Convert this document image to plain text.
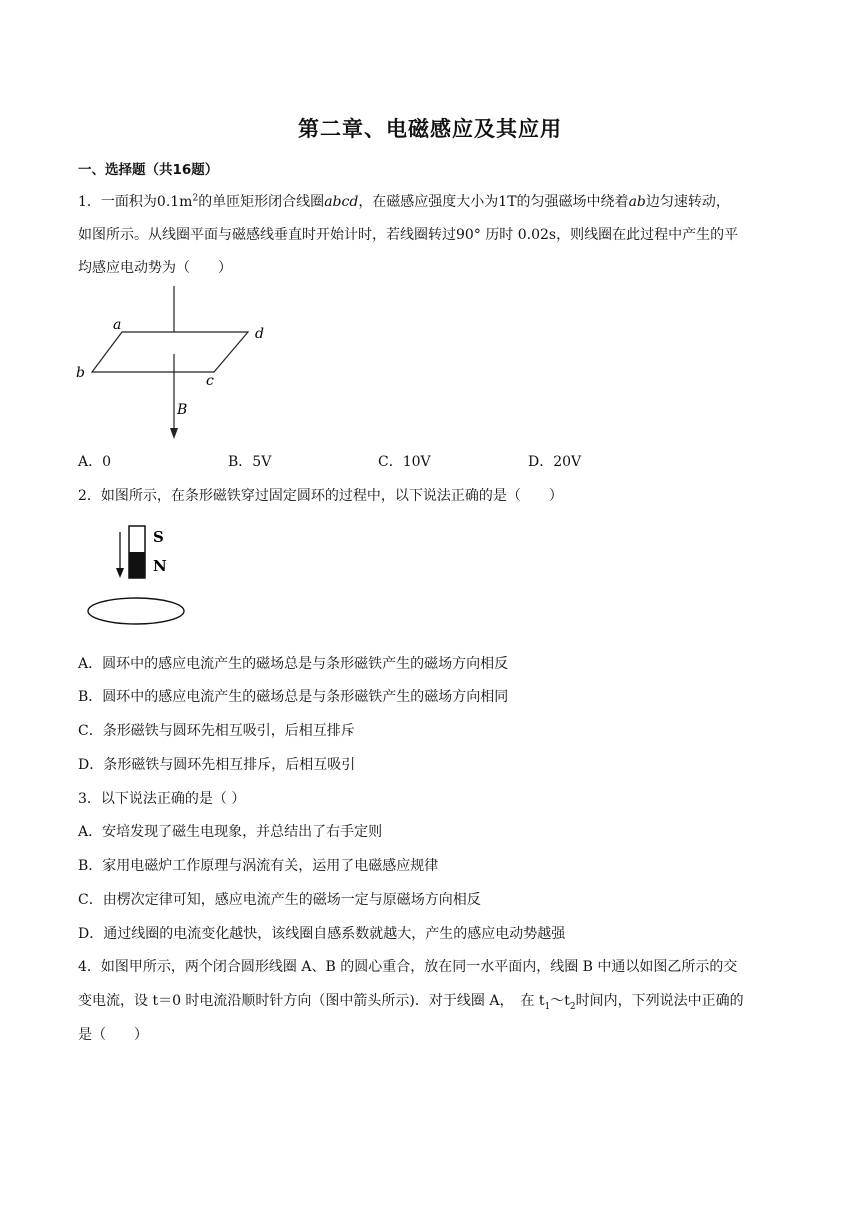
第二章、电磁感应及其应用
一、选择题（共16题）
1．一面积为$0.1m^2$的单匝矩形闭合线圈abcd，在磁感应强度大小为1T的匀强磁场中绕着ab边匀速转动，
如图所示。从线圈平面与磁感线垂直时开始计时，若线圈转过90° 历时 0.02s，则线圈在此过程中产生的平
均感应电动势为（　　）
a
d
b	c
B
A．0	B．5V	C．10V	D．20V
2．如图所示，在条形磁铁穿过固定圆环的过程中，以下说法正确的是（　　）
S
N
A．圆环中的感应电流产生的磁场总是与条形磁铁产生的磁场方向相反
B．圆环中的感应电流产生的磁场总是与条形磁铁产生的磁场方向相同
C．条形磁铁与圆环先相互吸引，后相互排斥
D．条形磁铁与圆环先相互排斥，后相互吸引
3．以下说法正确的是（ ）
A．安培发现了磁生电现象，并总结出了右手定则
B．家用电磁炉工作原理与涡流有关，运用了电磁感应规律
C．由楞次定律可知，感应电流产生的磁场一定与原磁场方向相反
D．通过线圈的电流变化越快，该线圈自感系数就越大，产生的感应电动势越强
4．如图甲所示，两个闭合圆形线圈 A、B 的圆心重合，放在同一水平面内，线圈 B 中通以如图乙所示的交
变电流，设 t＝0 时电流沿顺时针方向（图中箭头所示)．对于线圈 A，　在 $t_1\sim t_2$时间内，下列说法中正确的
是（　　）
